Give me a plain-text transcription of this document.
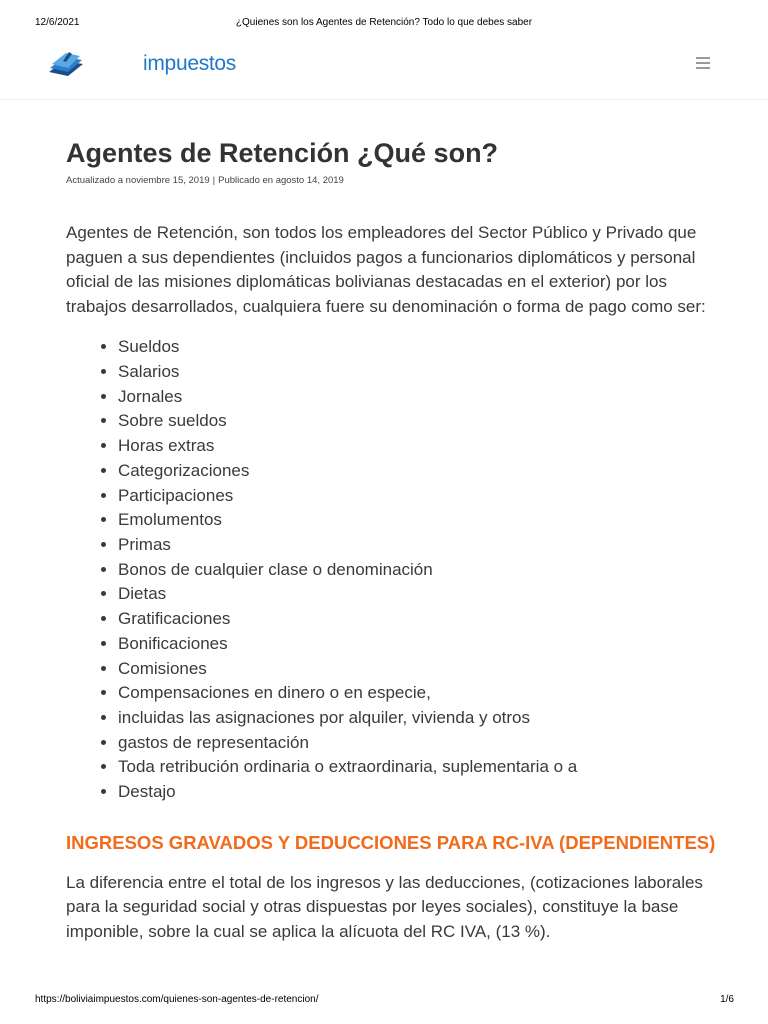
12/6/2021	¿Quienes son los Agentes de Retención? Todo lo que debes saber
impuestos
Agentes de Retención ¿Qué son?

Actualizado a noviembre 15, 2019 | Publicado en agosto 14, 2019

Agentes de Retención, son todos los empleadores del Sector Público y Privado que paguen a sus dependientes (incluidos pagos a funcionarios diplomáticos y personal oficial de las misiones diplomáticas bolivianas destacadas en el exterior) por los trabajos desarrollados, cualquiera fuere su denominación o forma de pago como ser:

• Sueldos
• Salarios
• Jornales
• Sobre sueldos
• Horas extras
• Categorizaciones
• Participaciones
• Emolumentos
• Primas
• Bonos de cualquier clase o denominación
• Dietas
• Gratificaciones
• Bonificaciones
• Comisiones
• Compensaciones en dinero o en especie,
• incluidas las asignaciones por alquiler, vivienda y otros
• gastos de representación
• Toda retribución ordinaria o extraordinaria, suplementaria o a
• Destajo
INGRESOS GRAVADOS Y DEDUCCIONES PARA RC-IVA (DEPENDIENTES)

La diferencia entre el total de los ingresos y las deducciones, (cotizaciones laborales para la seguridad social y otras dispuestas por leyes sociales), constituye la base imponible, sobre la cual se aplica la alícuota del RC IVA, (13 %).

https://boliviaimpuestos.com/quienes-son-agentes-de-retencion/	1/6
